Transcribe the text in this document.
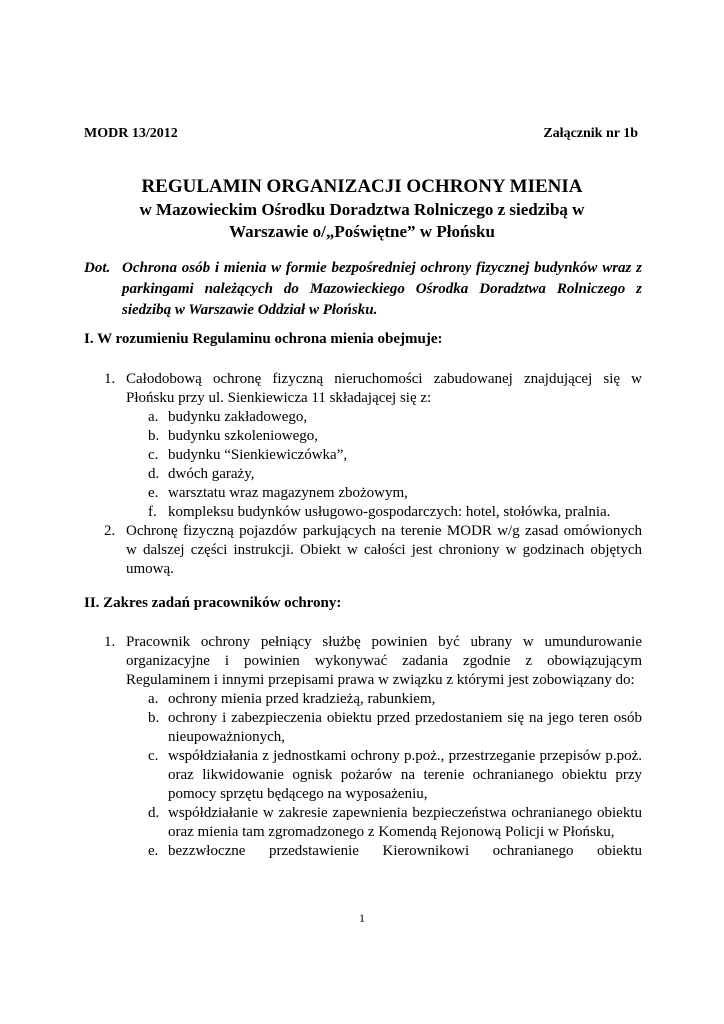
MODR 13/2012	Załącznik nr 1b
REGULAMIN ORGANIZACJI OCHRONY MIENIA
w Mazowieckim Ośrodku Doradztwa Rolniczego z siedzibą w
Warszawie o/„Poświętne” w Płońsku
Dot. Ochrona osób i mienia w formie bezpośredniej ochrony fizycznej budynków wraz z parkingami należących do Mazowieckiego Ośrodka Doradztwa Rolniczego z siedzibą w Warszawie Oddział w Płońsku.
I. W rozumieniu Regulaminu ochrona mienia obejmuje:
1. Całodobową ochronę fizyczną nieruchomości zabudowanej znajdującej się w Płońsku przy ul. Sienkiewicza 11 składającej się z:
a. budynku zakładowego,
b. budynku szkoleniowego,
c. budynku “Sienkiewiczówka”,
d. dwóch garaży,
e. warsztatu wraz magazynem zbożowym,
f. kompleksu budynków usługowo-gospodarczych: hotel, stołówka, pralnia.
2. Ochronę fizyczną pojazdów parkujących na terenie MODR w/g zasad omówionych w dalszej części instrukcji. Obiekt w całości jest chroniony w godzinach objętych umową.
II. Zakres zadań pracowników ochrony:
1. Pracownik ochrony pełniący służbę powinien być ubrany w umundurowanie organizacyjne i powinien wykonywać zadania zgodnie z obowiązującym Regulaminem i innymi przepisami prawa w związku z którymi jest zobowiązany do:
a. ochrony mienia przed kradzieżą, rabunkiem,
b. ochrony i zabezpieczenia obiektu przed przedostaniem się na jego teren osób nieupoważnionych,
c. współdziałania z jednostkami ochrony p.poż., przestrzeganie przepisów p.poż. oraz likwidowanie ognisk pożarów na terenie ochranianego obiektu przy pomocy sprzętu będącego na wyposażeniu,
d. współdziałanie w zakresie zapewnienia bezpieczeństwa ochranianego obiektu oraz mienia tam zgromadzonego z Komendą Rejonową Policji w Płońsku,
e. bezzwłoczne przedstawienie Kierownikowi ochranianego obiektu
1
